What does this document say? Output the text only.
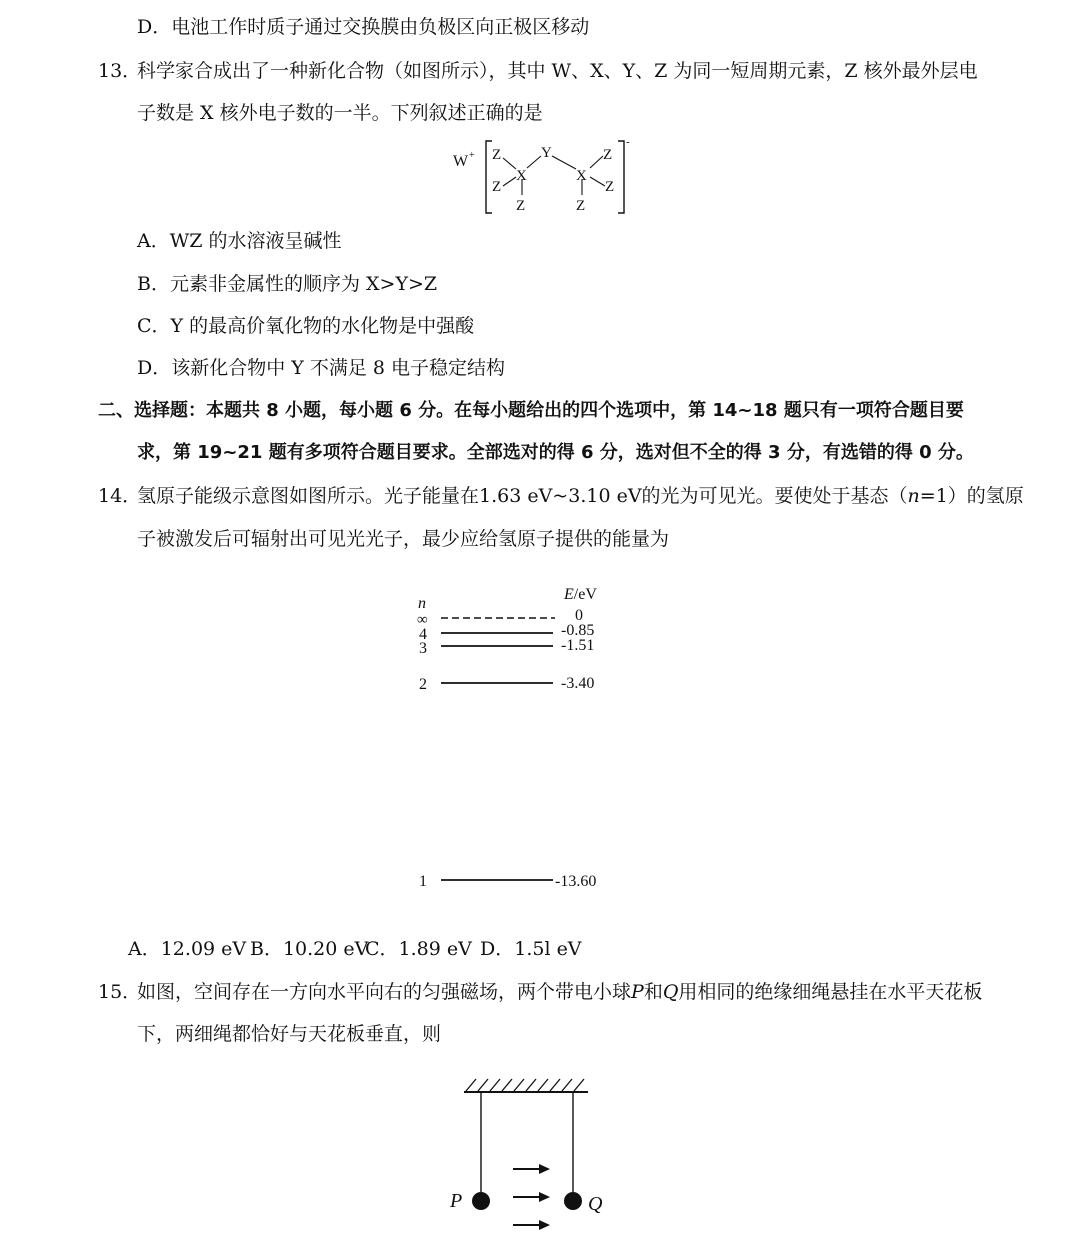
D．电池工作时质子通过交换膜由负极区向正极区移动
13．
科学家合成出了一种新化合物（如图所示），其中 W、X、Y、Z 为同一短周期元素，Z 核外最外层电
子数是 X 核外电子数的一半。下列叙述正确的是
W +
-
Z
Z
X
Z
Y
X
Z
Z
Z
A．WZ 的水溶液呈碱性
B．元素非金属性的顺序为 X>Y>Z
C．Y 的最高价氧化物的水化物是中强酸
D．该新化合物中 Y 不满足 8 电子稳定结构
二、选择题：本题共 8 小题，每小题 6 分。在每小题给出的四个选项中，第 14~18 题只有一项符合题目要
求，第 19~21 题有多项符合题目要求。全部选对的得 6 分，选对但不全的得 3 分，有选错的得 0 分。
14．
氢原子能级示意图如图所示。光子能量在1.63 eV~3.10 eV的光为可见光。要使处于基态（n=1）的氢原
子被激发后可辐射出可见光光子，最少应给氢原子提供的能量为
n
E/eV
∞	0
4	-0.85
3	-1.51
2	-3.40
1	-13.60
A．12.09 eV B．10.20 eV
C．1.89 eV D．1.5l eV
15．
如图，空间存在一方向水平向右的匀强磁场，两个带电小球P和Q用相同的绝缘细绳悬挂在水平天花板
下，两细绳都恰好与天花板垂直，则
P	Q
